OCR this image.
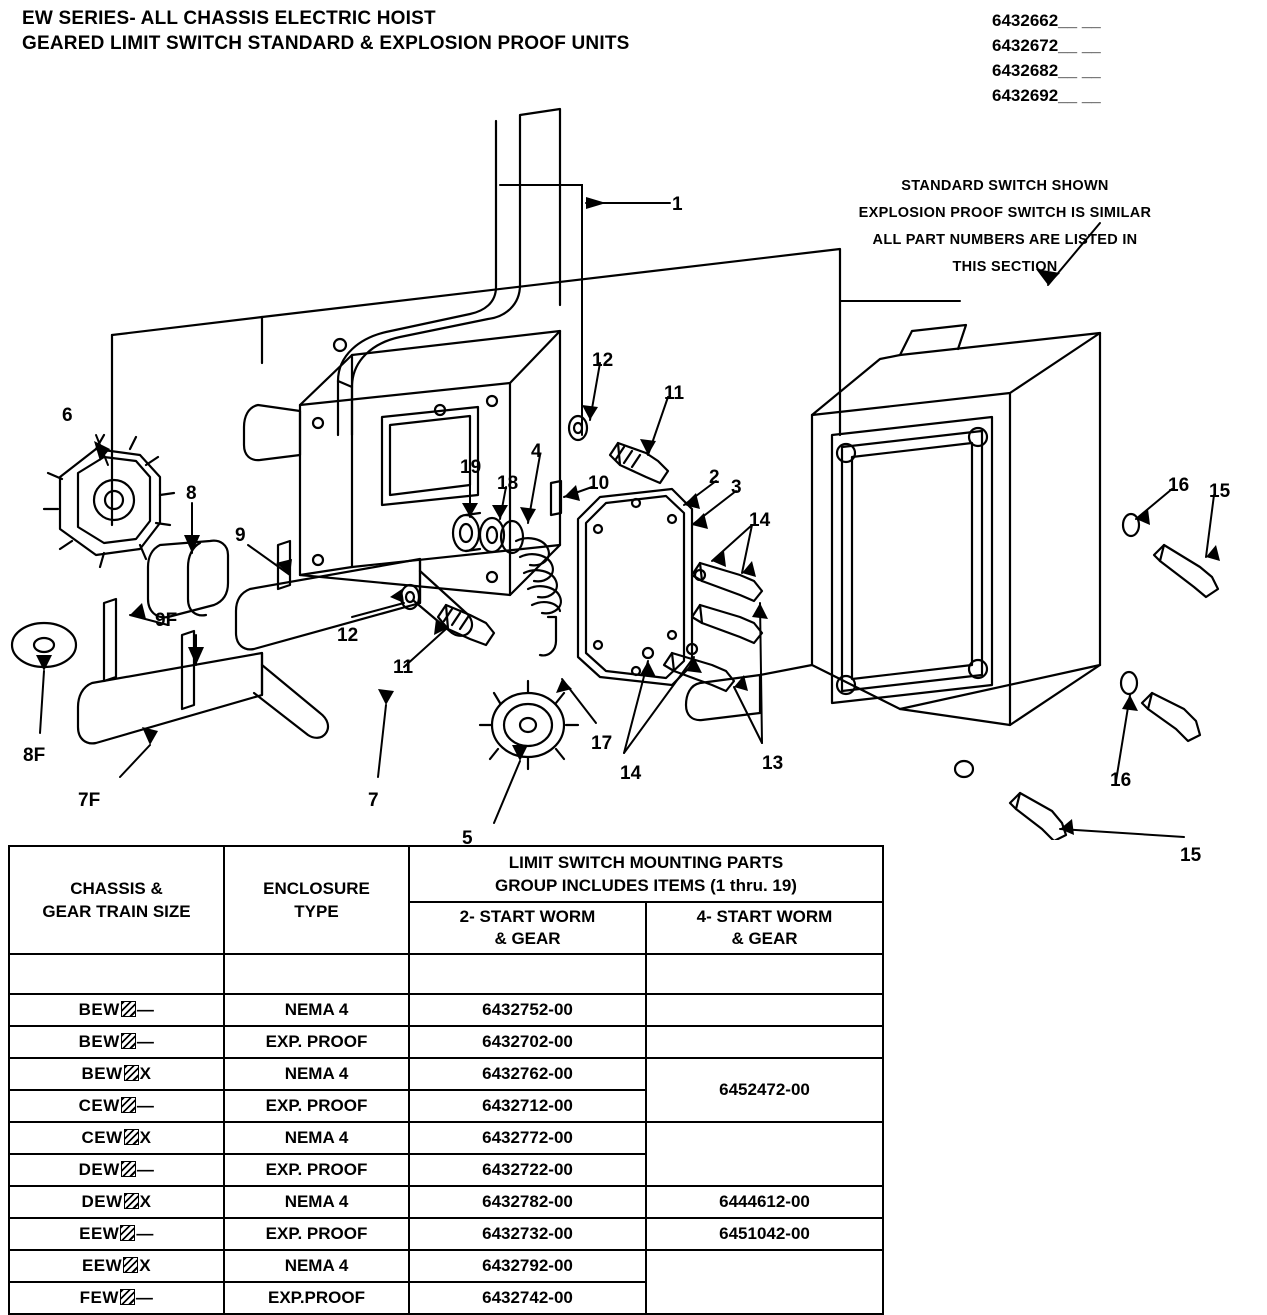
EW SERIES- ALL CHASSIS ELECTRIC HOIST
GEARED LIMIT SWITCH STANDARD & EXPLOSION PROOF UNITS
6432662__ __
6432672__ __
6432682__ __
6432692__ __
STANDARD SWITCH SHOWN
EXPLOSION PROOF SWITCH IS SIMILAR
ALL PART NUMBERS ARE LISTED IN
THIS SECTION
1
6
8
9
9F
8F
7F	7
5
12
11
19
18
4
10	2 3
14
12
11
17
14	13
16 15
16
15
CHASSIS &
GEAR TRAIN SIZE

ENCLOSURE
TYPE

LIMIT SWITCH MOUNTING PARTS
GROUP INCLUDES ITEMS (1 thru. 19)

2- START WORM
& GEAR

4- START WORM
& GEAR

BEW —	NEMA 4	6432752-00	
BEW —	EXP. PROOF	6432702-00	
BEW X	NEMA 4	6432762-00	6452472-00
CEW —	EXP. PROOF	6432712-00	
CEW X	NEMA 4	6432772-00	
DEW —	EXP. PROOF	6432722-00	
DEW X	NEMA 4	6432782-00	6444612-00
EEW —	EXP. PROOF	6432732-00	6451042-00
EEW X	NEMA 4	6432792-00	
FEW —	EXP.PROOF	6432742-00	
